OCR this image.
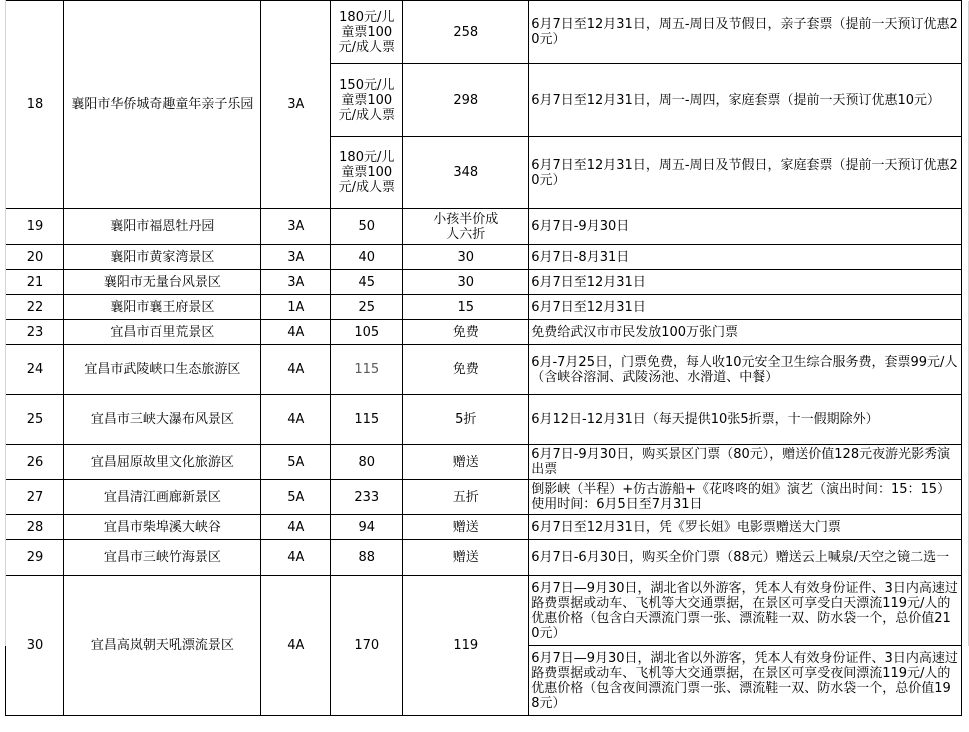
	18	襄阳市华侨城奇趣童年亲子乐园	3A	180元/儿童票100元/成人票	258	6月7日至12月31日，周五-周日及节假日，亲子套票（提前一天预订优惠20元）	
				150元/儿童票100元/成人票	298	6月7日至12月31日，周一-周四，家庭套票（提前一天预订优惠10元）	
				180元/儿童票100元/成人票	348	6月7日至12月31日，周五-周日及节假日，家庭套票（提前一天预订优惠20元）	
	19	襄阳市福恩牡丹园	3A	50	小孩半价成人六折	6月7日-9月30日	
	20	襄阳市黄家湾景区	3A	40	30	6月7日-8月31日	
	21	襄阳市无量台风景区	3A	45	30	6月7日至12月31日	
	22	襄阳市襄王府景区	1A	25	15	6月7日至12月31日	
	23	宜昌市百里荒景区	4A	105	免费	免费给武汉市市民发放100万张门票	
	24	宜昌市武陵峡口生态旅游区	4A	115	免费	6月-7月25日，门票免费，每人收10元安全卫生综合服务费，套票99元/人（含峡谷溶洞、武陵汤池、水滑道、中餐）	
	25	宜昌市三峡大瀑布风景区	4A	115	5折	6月12日-12月31日（每天提供10张5折票，十一假期除外）	
	26	宜昌屈原故里文化旅游区	5A	80	赠送	6月7日-9月30日，购买景区门票（80元），赠送价值128元夜游光影秀演出票	
	27	宜昌清江画廊新景区	5A	233	五折	倒影峡（半程）+仿古游船+《花咚咚的姐》演艺（演出时间：15：15）使用时间：6月5日至7月31日	
	28	宜昌市柴埠溪大峡谷	4A	94	赠送	6月7日至12月31日，凭《罗长姐》电影票赠送大门票	
	29	宜昌市三峡竹海景区	4A	88	赠送	6月7日-6月30日，购买全价门票（88元）赠送云上喊泉/天空之镜二选一	
	30	宜昌高岚朝天吼漂流景区	4A	170	119	6月7日—9月30日，湖北省以外游客，凭本人有效身份证件、3日内高速过路费票据或动车、飞机等大交通票据，在景区可享受白天漂流119元/人的优惠价格（包含白天漂流门票一张、漂流鞋一双、防水袋一个，总价值210元）	
						6月7日—9月30日，湖北省以外游客，凭本人有效身份证件、3日内高速过路费票据或动车、飞机等大交通票据，在景区可享受夜间漂流119元/人的优惠价格（包含夜间漂流门票一张、漂流鞋一双、防水袋一个，总价值198元）	
